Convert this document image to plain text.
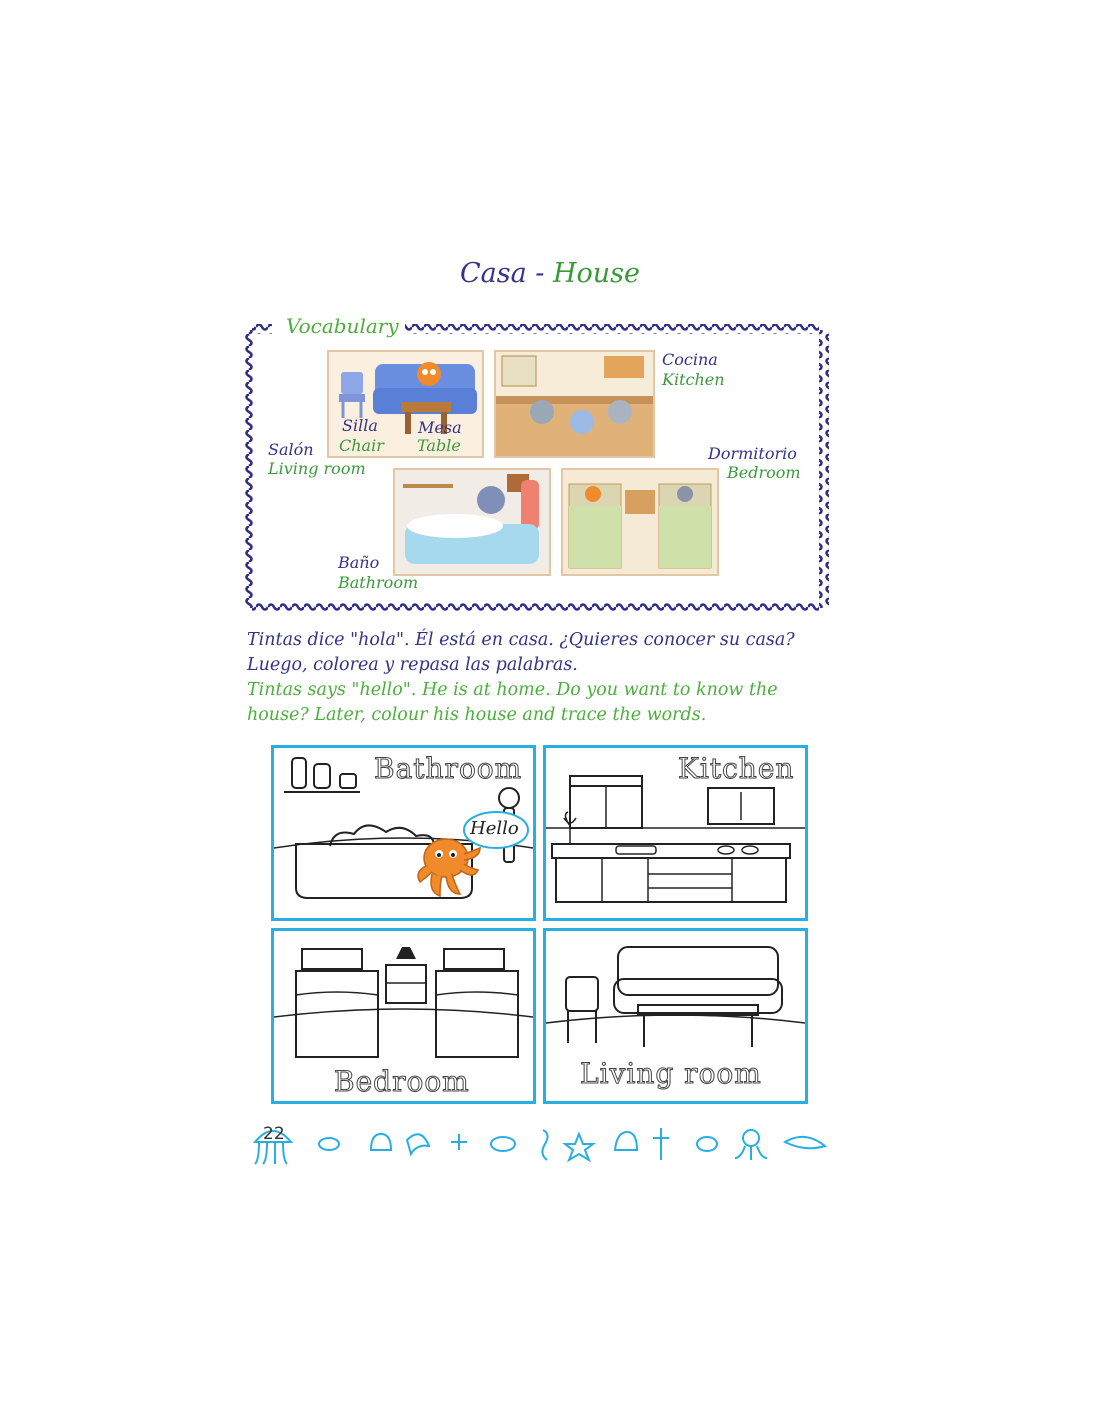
Casa - House
Vocabulary
Silla
Chair
Mesa
Table
Salón
Living room
Cocina
Kitchen
Dormitorio
Bedroom
Baño
Bathroom

Tintas dice "hola". Él está en casa. ¿Quieres conocer su casa?

Luego, colorea y repasa las palabras.

Tintas says "hello". He is at home. Do you want to know the

house? Later, colour his house and trace the words.

Bathroom
Hello
Kitchen
Bedroom	Living room
22
